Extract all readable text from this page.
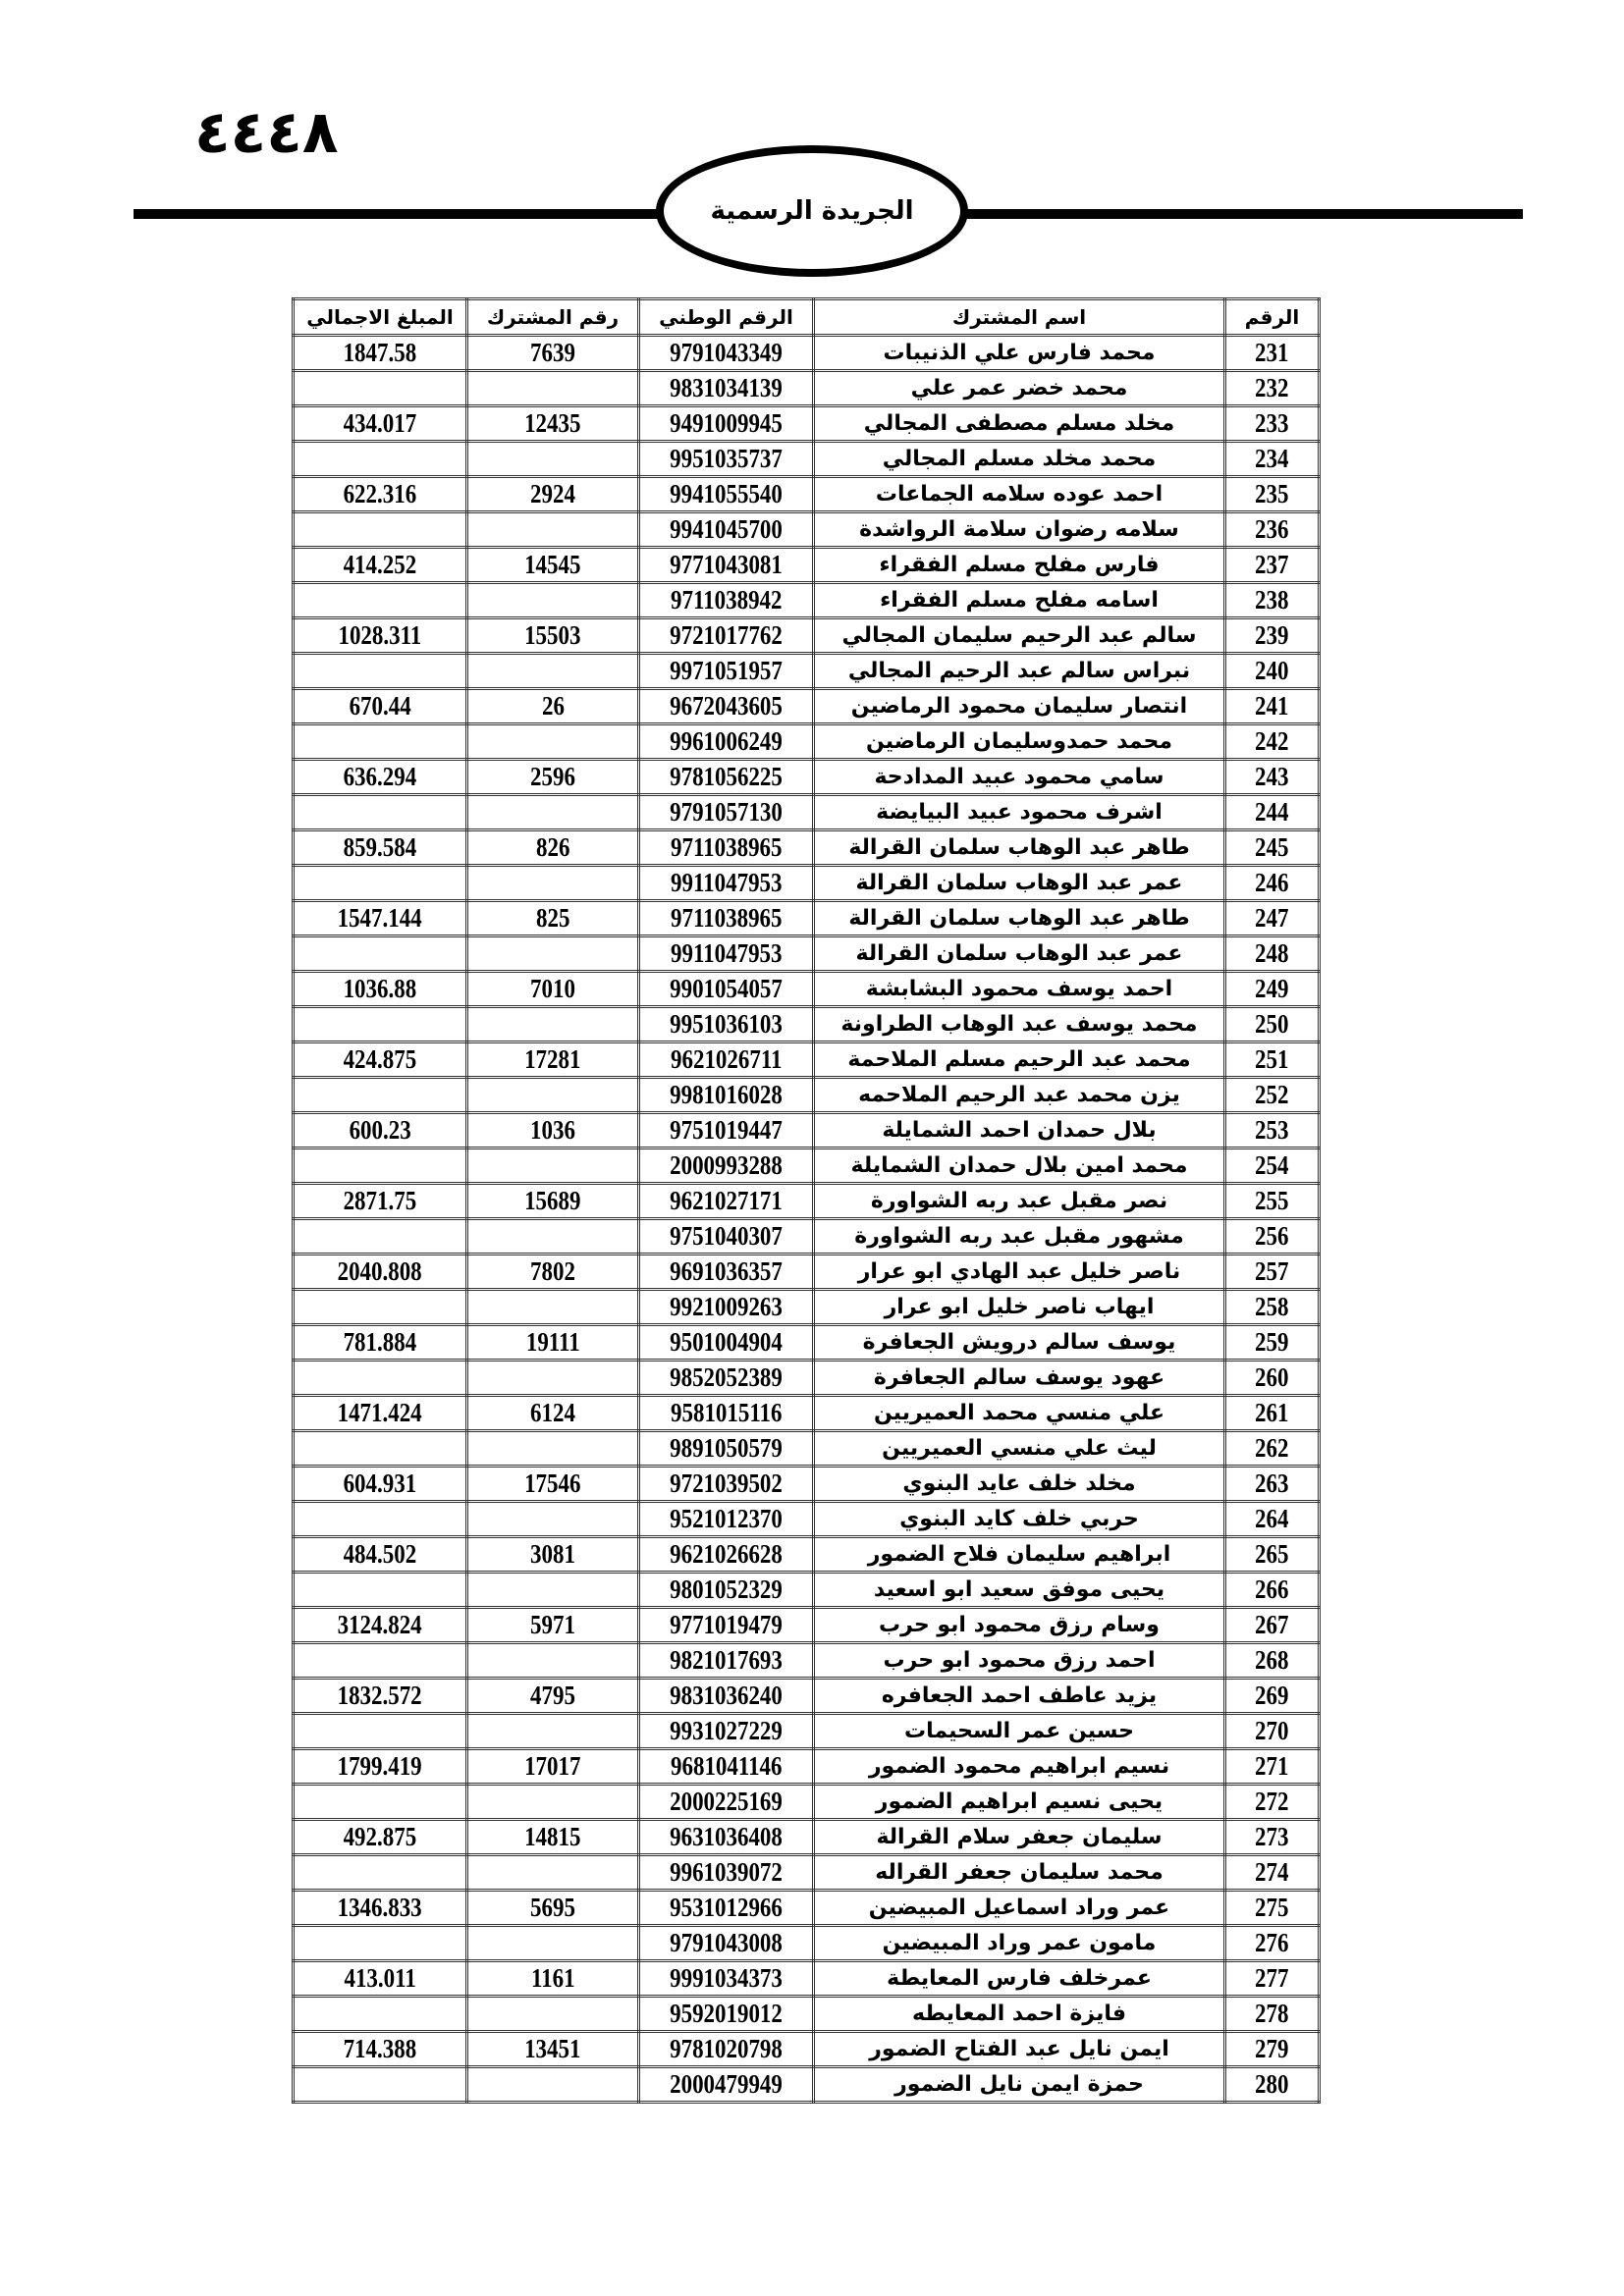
٤٤٤٨
الجريدة الرسمية
الرقم	اسم المشترك	الرقم الوطني	رقم المشترك	المبلغ الاجمالي
231	محمد فارس علي الذنيبات	9791043349	7639	1847.58
232	محمد خضر عمر علي	9831034139		
233	مخلد مسلم مصطفى المجالي	9491009945	12435	434.017
234	محمد مخلد مسلم المجالي	9951035737		
235	احمد عوده سلامه الجماعات	9941055540	2924	622.316
236	سلامه رضوان سلامة الرواشدة	9941045700		
237	فارس مفلح مسلم الفقراء	9771043081	14545	414.252
238	اسامه مفلح مسلم الفقراء	9711038942		
239	سالم عبد الرحيم سليمان المجالي	9721017762	15503	1028.311
240	نبراس سالم عبد الرحيم المجالي	9971051957		
241	انتصار سليمان محمود الرماضين	9672043605	26	670.44
242	محمد حمدوسليمان الرماضين	9961006249		
243	سامي محمود عبيد المدادحة	9781056225	2596	636.294
244	اشرف محمود عبيد البيايضة	9791057130		
245	طاهر عبد الوهاب سلمان القرالة	9711038965	826	859.584
246	عمر عبد الوهاب سلمان القرالة	9911047953		
247	طاهر عبد الوهاب سلمان القرالة	9711038965	825	1547.144
248	عمر عبد الوهاب سلمان القرالة	9911047953		
249	احمد يوسف محمود البشابشة	9901054057	7010	1036.88
250	محمد يوسف عبد الوهاب الطراونة	9951036103		
251	محمد عبد الرحيم مسلم الملاحمة	9621026711	17281	424.875
252	يزن محمد عبد الرحيم الملاحمه	9981016028		
253	بلال حمدان احمد الشمايلة	9751019447	1036	600.23
254	محمد امين بلال حمدان الشمايلة	2000993288		
255	نصر مقبل عبد ربه الشواورة	9621027171	15689	2871.75
256	مشهور مقبل عبد ربه الشواورة	9751040307		
257	ناصر خليل عبد الهادي ابو عرار	9691036357	7802	2040.808
258	ايهاب ناصر خليل ابو عرار	9921009263		
259	يوسف سالم درويش الجعافرة	9501004904	19111	781.884
260	عهود يوسف سالم الجعافرة	9852052389		
261	علي منسي محمد العميريين	9581015116	6124	1471.424
262	ليث علي منسي العميريين	9891050579		
263	مخلد خلف عايد البنوي	9721039502	17546	604.931
264	حربي خلف كايد البنوي	9521012370		
265	ابراهيم سليمان فلاح الضمور	9621026628	3081	484.502
266	يحيى موفق سعيد ابو اسعيد	9801052329		
267	وسام رزق محمود ابو حرب	9771019479	5971	3124.824
268	احمد رزق محمود ابو حرب	9821017693		
269	يزيد عاطف احمد الجعافره	9831036240	4795	1832.572
270	حسين عمر السحيمات	9931027229		
271	نسيم ابراهيم محمود الضمور	9681041146	17017	1799.419
272	يحيى نسيم ابراهيم الضمور	2000225169		
273	سليمان جعفر سلام القرالة	9631036408	14815	492.875
274	محمد سليمان جعفر القراله	9961039072		
275	عمر وراد اسماعيل المبيضين	9531012966	5695	1346.833
276	مامون عمر وراد المبيضين	9791043008		
277	عمرخلف فارس المعايطة	9991034373	1161	413.011
278	فايزة احمد المعايطه	9592019012		
279	ايمن نايل عبد الفتاح الضمور	9781020798	13451	714.388
280	حمزة ايمن نايل الضمور	2000479949		
